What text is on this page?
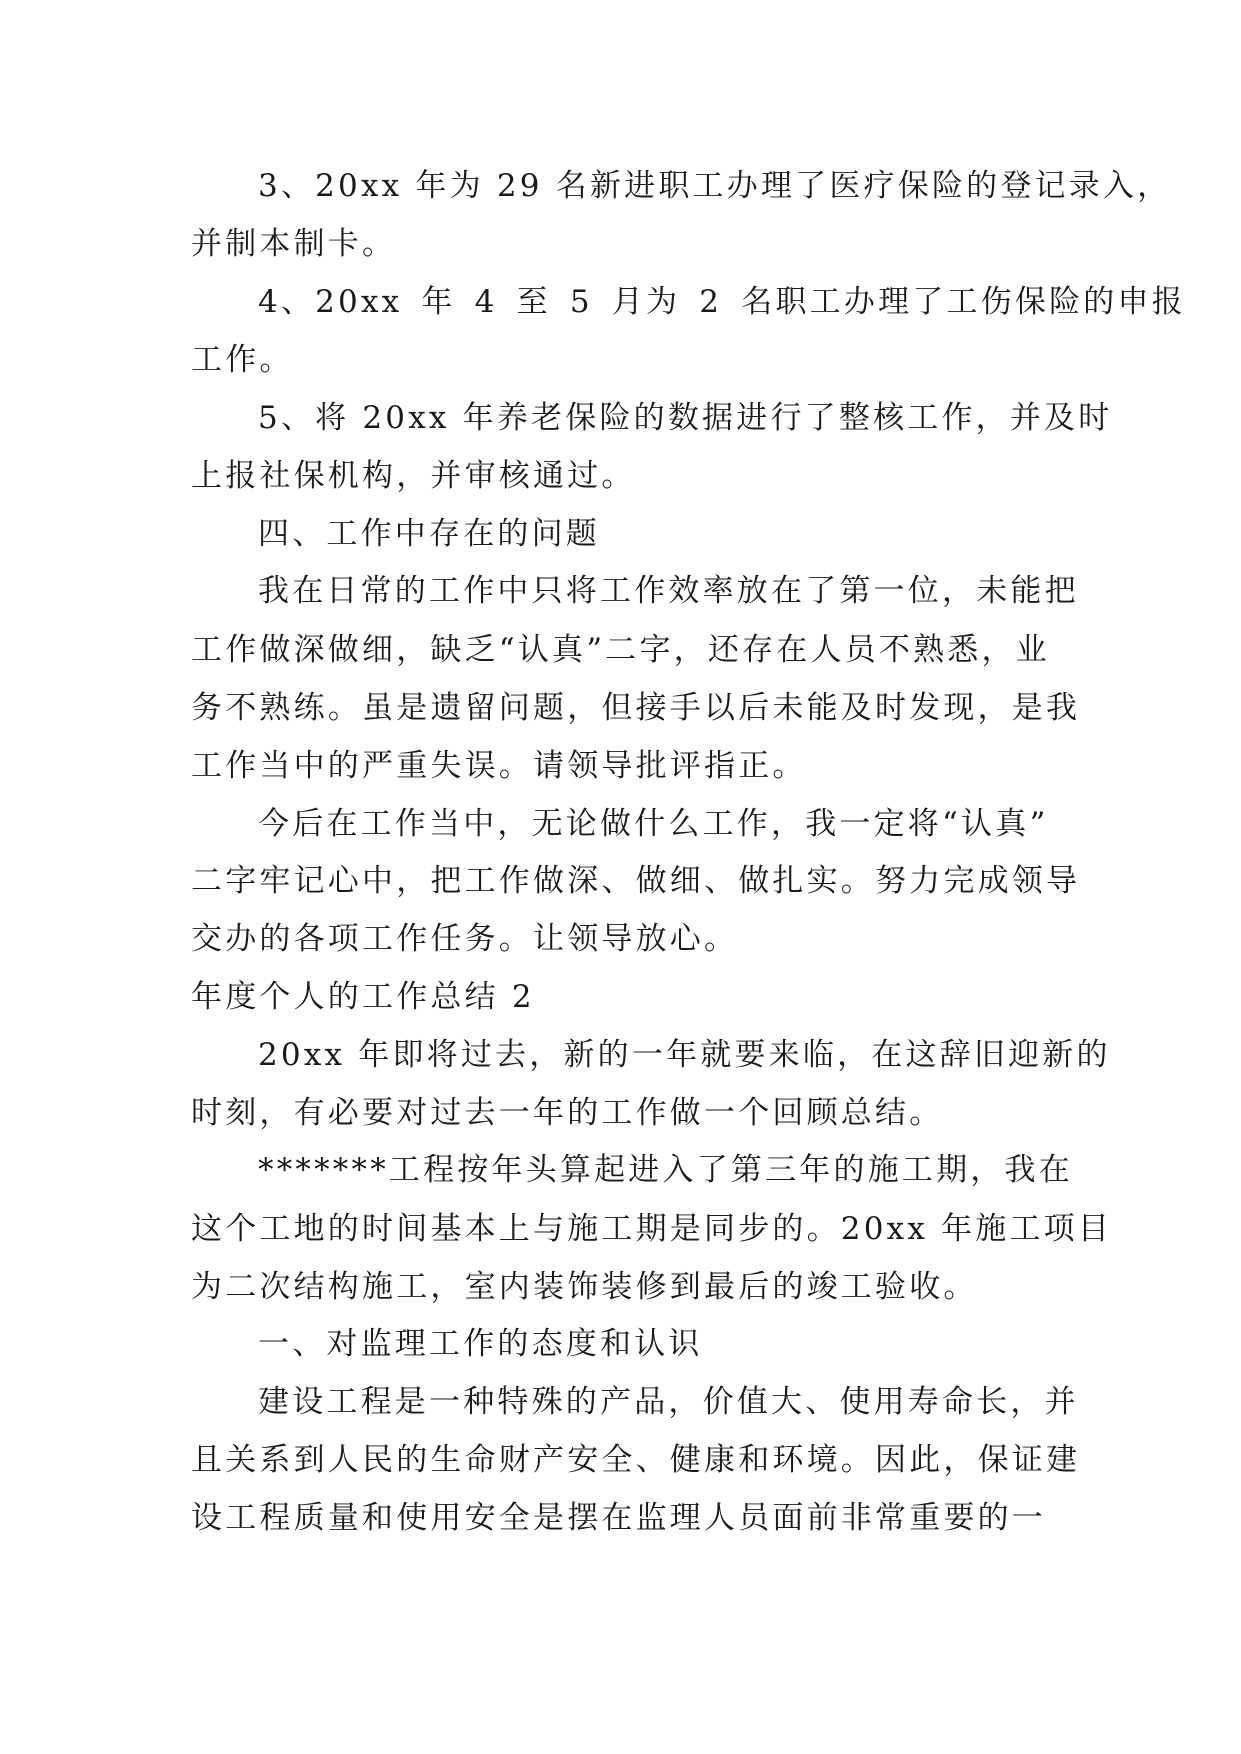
3、20xx 年为 29 名新进职工办理了医疗保险的登记录入，
并制本制卡。
4、20xx 年 4 至 5 月为 2 名职工办理了工伤保险的申报
工作。
5、将 20xx 年养老保险的数据进行了整核工作，并及时
上报社保机构，并审核通过。
四、工作中存在的问题
我在日常的工作中只将工作效率放在了第一位，未能把
工作做深做细，缺乏“认真”二字，还存在人员不熟悉，业
务不熟练。虽是遗留问题，但接手以后未能及时发现，是我
工作当中的严重失误。请领导批评指正。
今后在工作当中，无论做什么工作，我一定将“认真”
二字牢记心中，把工作做深、做细、做扎实。努力完成领导
交办的各项工作任务。让领导放心。
年度个人的工作总结 2
20xx 年即将过去，新的一年就要来临，在这辞旧迎新的
时刻，有必要对过去一年的工作做一个回顾总结。
*******工程按年头算起进入了第三年的施工期，我在
这个工地的时间基本上与施工期是同步的。20xx 年施工项目
为二次结构施工，室内装饰装修到最后的竣工验收。
一、对监理工作的态度和认识
建设工程是一种特殊的产品，价值大、使用寿命长，并
且关系到人民的生命财产安全、健康和环境。因此，保证建
设工程质量和使用安全是摆在监理人员面前非常重要的一
